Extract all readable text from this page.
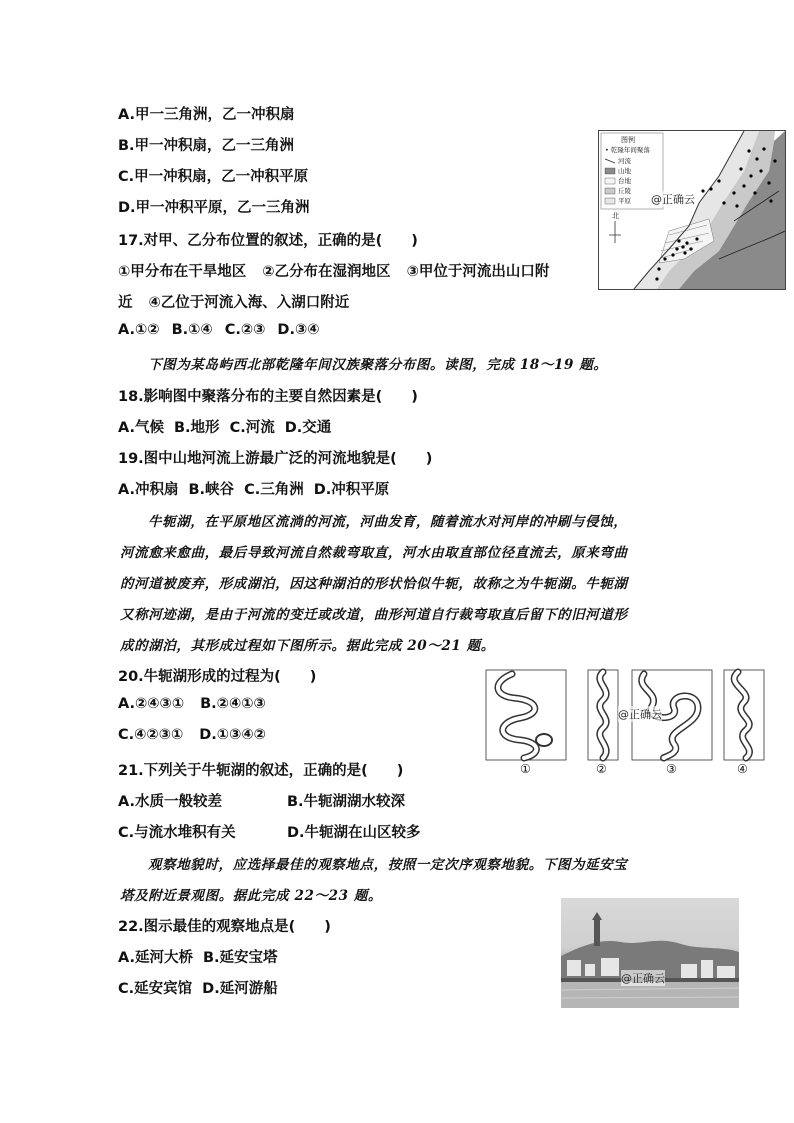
A.甲一三角洲，乙一冲积扇
B.甲一冲积扇，乙一三角洲
C.甲一冲积扇，乙一冲积平原
D.甲一冲积平原，乙一三角洲
17.对甲、乙分布位置的叙述，正确的是(　　)
①甲分布在干旱地区 ②乙分布在湿润地区 ③甲位于河流出山口附
近 ④乙位于河流入海、入湖口附近
A.①② B.①④ C.②③ D.③④
下图为某岛屿西北部乾隆年间汉族聚落分布图。读图，完成 18～19 题。
18.影响图中聚落分布的主要自然因素是(　　)
A.气候 B.地形 C.河流 D.交通
19.图中山地河流上游最广泛的河流地貌是(　　)
A.冲积扇 B.峡谷 C.三角洲 D.冲积平原
牛轭湖，在平原地区流淌的河流，河曲发育，随着流水对河岸的冲刷与侵蚀，
河流愈来愈曲，最后导致河流自然裁弯取直，河水由取直部位径直流去，原来弯曲
的河道被废弃，形成湖泊，因这种湖泊的形状恰似牛轭，故称之为牛轭湖。牛轭湖
又称河迹湖，是由于河流的变迁或改道，曲形河道自行裁弯取直后留下的旧河道形
成的湖泊，其形成过程如下图所示。据此完成 20～21 题。
20.牛轭湖形成的过程为(　　)
A.②④③① B.②④①③
C.④②③① D.①③④②
21.下列关于牛轭湖的叙述，正确的是(　　)
A.水质一般较差	B.牛轭湖湖水较深
C.与流水堆积有关	D.牛轭湖在山区较多
观察地貌时，应选择最佳的观察地点，按照一定次序观察地貌。下图为延安宝
塔及附近景观图。据此完成 22～23 题。
22.图示最佳的观察地点是(　　)
A.延河大桥 B.延安宝塔
C.延安宾馆 D.延河游船
图例
• 乾隆年间聚落
河流
山地
台地
丘陵
平原
北
@正确云
①	②	③	④
@正确云
@正确云
